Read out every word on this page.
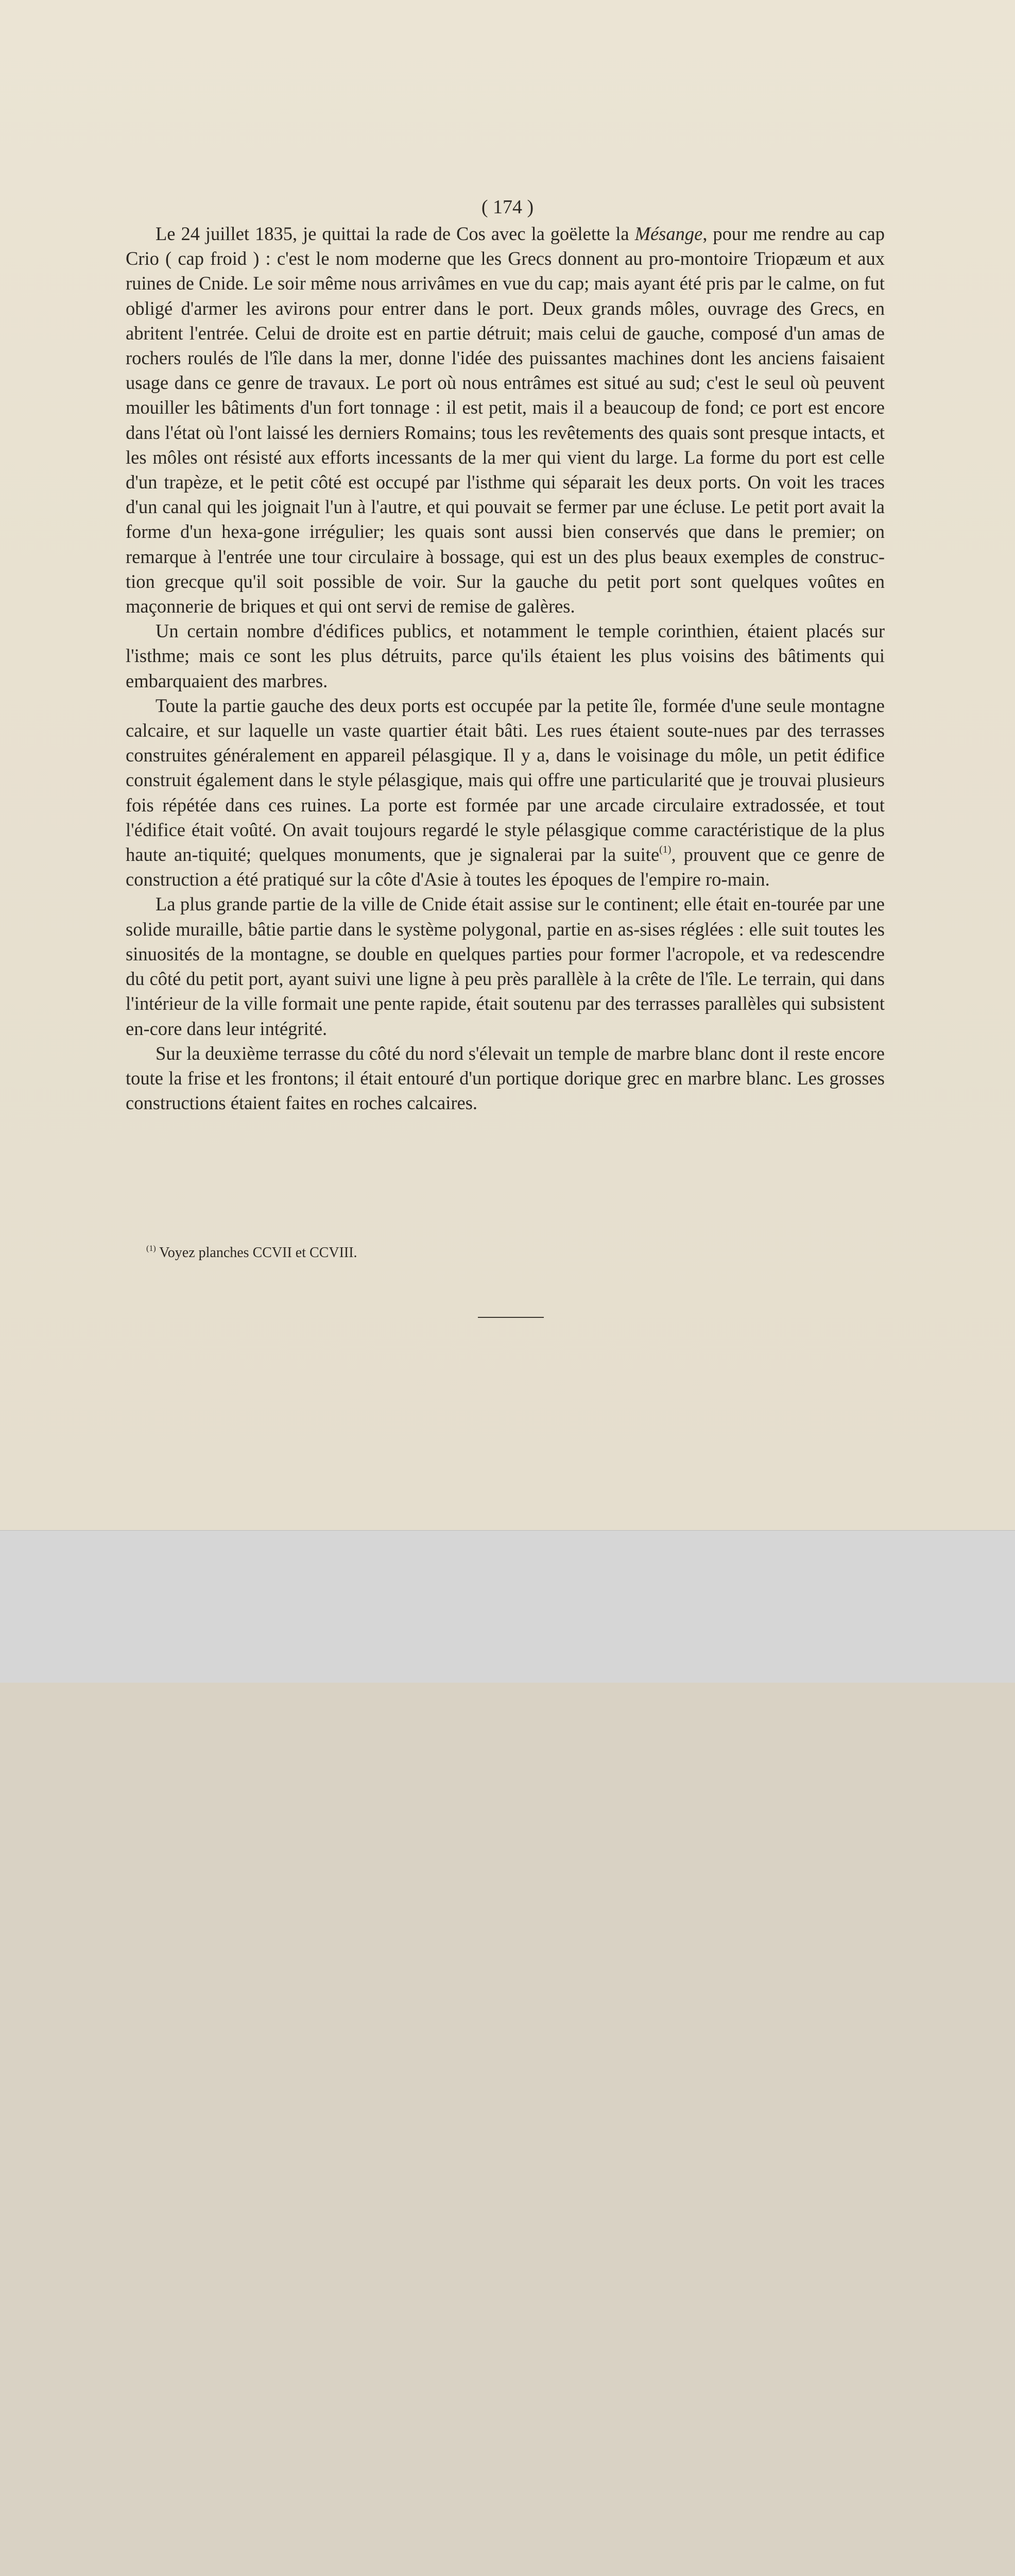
( 174 )

Le 24 juillet 1835, je quittai la rade de Cos avec la goëlette la Mésange, pour me rendre au cap Crio ( cap froid ) : c'est le nom moderne que les Grecs donnent au pro-montoire Triopæum et aux ruines de Cnide. Le soir même nous arrivâmes en vue du cap; mais ayant été pris par le calme, on fut obligé d'armer les avirons pour entrer dans le port. Deux grands môles, ouvrage des Grecs, en abritent l'entrée. Celui de droite est en partie détruit; mais celui de gauche, composé d'un amas de rochers roulés de l'île dans la mer, donne l'idée des puissantes machines dont les anciens faisaient usage dans ce genre de travaux. Le port où nous entrâmes est situé au sud; c'est le seul où peuvent mouiller les bâtiments d'un fort tonnage : il est petit, mais il a beaucoup de fond; ce port est encore dans l'état où l'ont laissé les derniers Romains; tous les revêtements des quais sont presque intacts, et les môles ont résisté aux efforts incessants de la mer qui vient du large. La forme du port est celle d'un trapèze, et le petit côté est occupé par l'isthme qui séparait les deux ports. On voit les traces d'un canal qui les joignait l'un à l'autre, et qui pouvait se fermer par une écluse. Le petit port avait la forme d'un hexa-gone irrégulier; les quais sont aussi bien conservés que dans le premier; on remarque à l'entrée une tour circulaire à bossage, qui est un des plus beaux exemples de construc-tion grecque qu'il soit possible de voir. Sur la gauche du petit port sont quelques voûtes en maçonnerie de briques et qui ont servi de remise de galères.

Un certain nombre d'édifices publics, et notamment le temple corinthien, étaient placés sur l'isthme; mais ce sont les plus détruits, parce qu'ils étaient les plus voisins des bâtiments qui embarquaient des marbres.

Toute la partie gauche des deux ports est occupée par la petite île, formée d'une seule montagne calcaire, et sur laquelle un vaste quartier était bâti. Les rues étaient soute-nues par des terrasses construites généralement en appareil pélasgique. Il y a, dans le voisinage du môle, un petit édifice construit également dans le style pélasgique, mais qui offre une particularité que je trouvai plusieurs fois répétée dans ces ruines. La porte est formée par une arcade circulaire extradossée, et tout l'édifice était voûté. On avait toujours regardé le style pélasgique comme caractéristique de la plus haute an-tiquité; quelques monuments, que je signalerai par la suite$^{(1)}$, prouvent que ce genre de construction a été pratiqué sur la côte d'Asie à toutes les époques de l'empire ro-main.

La plus grande partie de la ville de Cnide était assise sur le continent; elle était en-tourée par une solide muraille, bâtie partie dans le système polygonal, partie en as-sises réglées : elle suit toutes les sinuosités de la montagne, se double en quelques parties pour former l'acropole, et va redescendre du côté du petit port, ayant suivi une ligne à peu près parallèle à la crête de l'île. Le terrain, qui dans l'intérieur de la ville formait une pente rapide, était soutenu par des terrasses parallèles qui subsistent en-core dans leur intégrité.

Sur la deuxième terrasse du côté du nord s'élevait un temple de marbre blanc dont il reste encore toute la frise et les frontons; il était entouré d'un portique dorique grec en marbre blanc. Les grosses constructions étaient faites en roches calcaires.

$^{(1)}$ Voyez planches CCVII et CCVIII.
